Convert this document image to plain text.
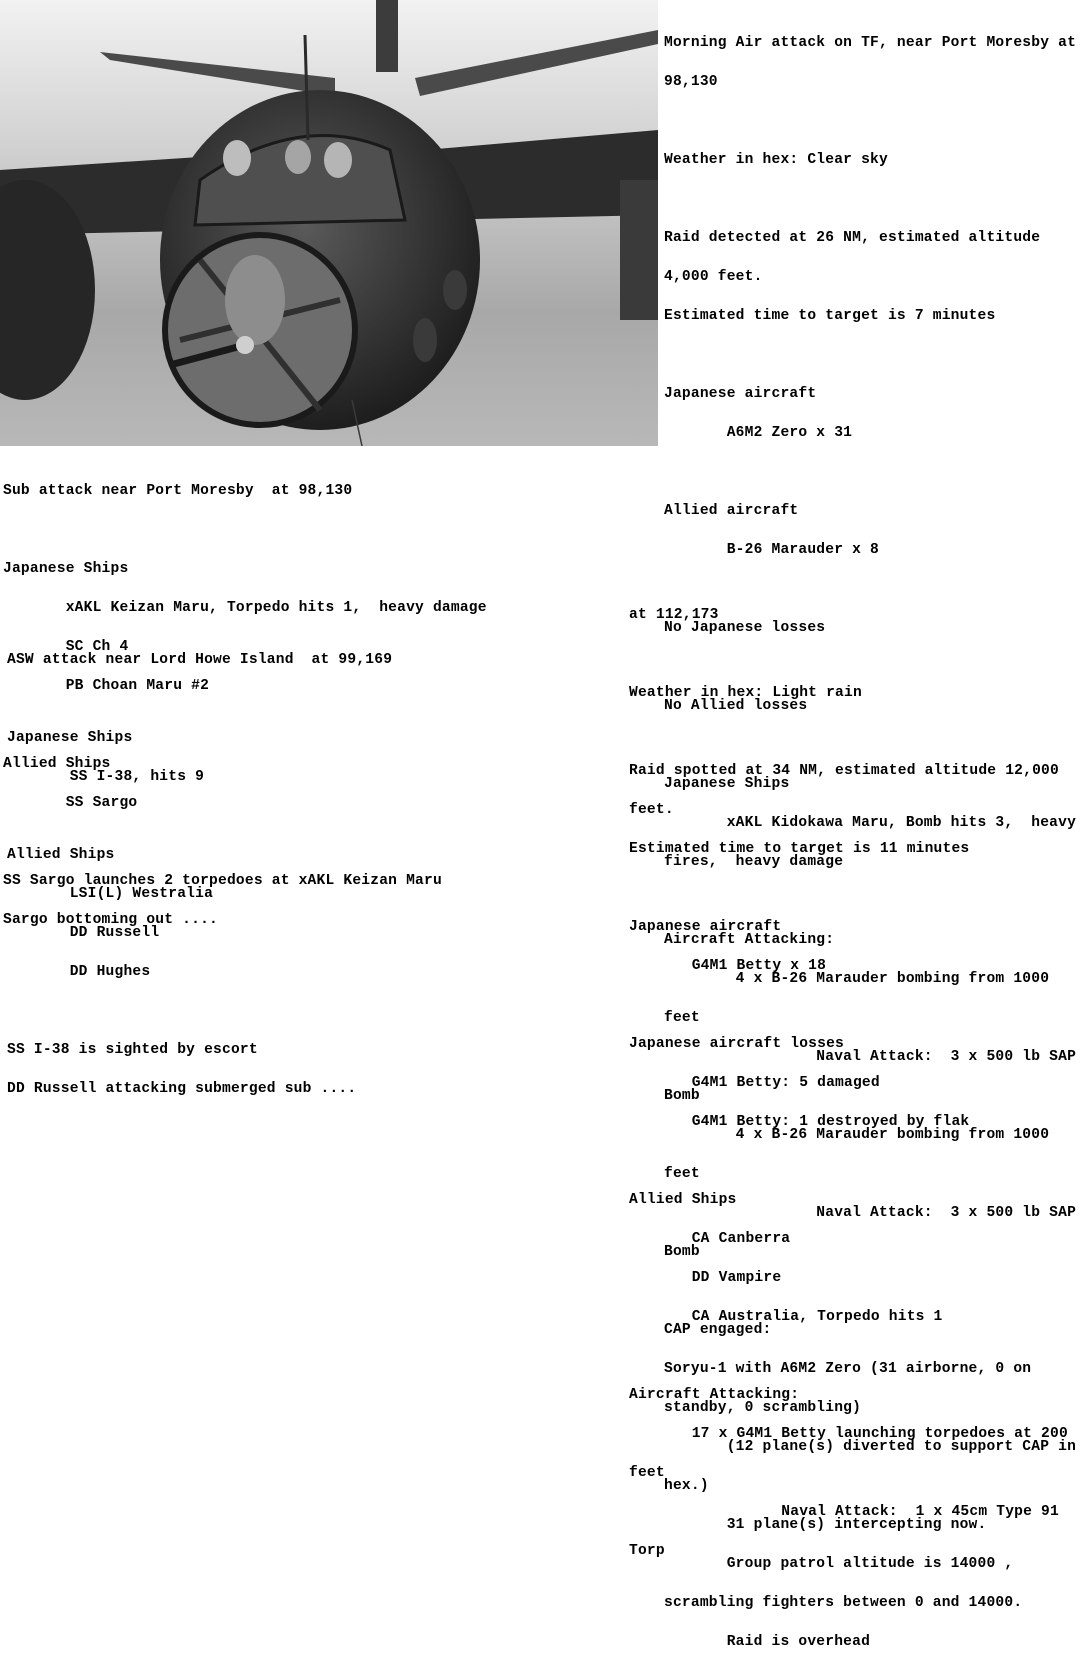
Morning Air attack on TF, near Port Moresby at

98,130

Weather in hex: Clear sky

Raid detected at 26 NM, estimated altitude

4,000 feet.

Estimated time to target is 7 minutes

Japanese aircraft

A6M2 Zero x 31

Allied aircraft

B-26 Marauder x 8

No Japanese losses

No Allied losses

Japanese Ships

xAKL Kidokawa Maru, Bomb hits 3,  heavy

fires,  heavy damage

Aircraft Attacking:

4 x B-26 Marauder bombing from 1000

feet

Naval Attack:  3 x 500 lb SAP

Bomb

4 x B-26 Marauder bombing from 1000

feet

Naval Attack:  3 x 500 lb SAP

Bomb

CAP engaged:

Soryu-1 with A6M2 Zero (31 airborne, 0 on

standby, 0 scrambling)

(12 plane(s) diverted to support CAP in

hex.)

31 plane(s) intercepting now.

Group patrol altitude is 14000 ,

scrambling fighters between 0 and 14000.

Raid is overhead

Sub attack near Port Moresby  at 98,130

Japanese Ships

xAKL Keizan Maru, Torpedo hits 1,  heavy damage

SC Ch 4

PB Choan Maru #2

Allied Ships

SS Sargo

SS Sargo launches 2 torpedoes at xAKL Keizan Maru

Sargo bottoming out ....

ASW attack near Lord Howe Island  at 99,169

Japanese Ships

SS I-38, hits 9

Allied Ships

LSI(L) Westralia

DD Russell

DD Hughes

SS I-38 is sighted by escort

DD Russell attacking submerged sub ....

at 112,173

Weather in hex: Light rain

Raid spotted at 34 NM, estimated altitude 12,000

feet.

Estimated time to target is 11 minutes

Japanese aircraft

G4M1 Betty x 18

Japanese aircraft losses

G4M1 Betty: 5 damaged

G4M1 Betty: 1 destroyed by flak

Allied Ships

CA Canberra

DD Vampire

CA Australia, Torpedo hits 1

Aircraft Attacking:

17 x G4M1 Betty launching torpedoes at 200

feet

Naval Attack:  1 x 45cm Type 91

Torp
